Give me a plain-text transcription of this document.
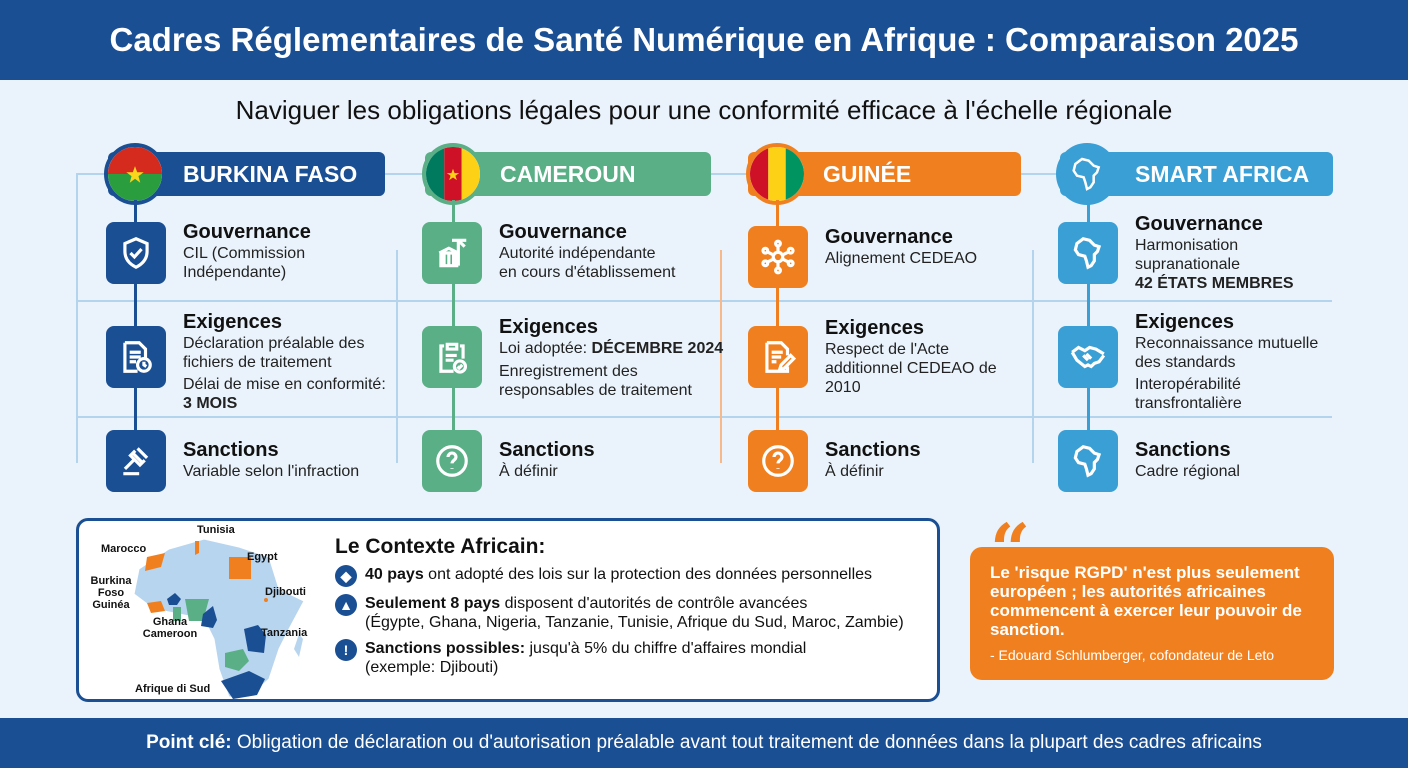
Cadres Réglementaires de Santé Numérique en Afrique : Comparaison 2025
Naviguer les obligations légales pour une conformité efficace à l'échelle régionale
BURKINA FASO
Gouvernance
CIL (Commission
Indépendante)
Exigences
Déclaration préalable des
fichiers de traitement
Délai de mise en conformité:
3 MOIS
Sanctions
Variable selon l'infraction
CAMEROUN
Gouvernance
Autorité indépendante
en cours d'établissement
Exigences
Loi adoptée: DÉCEMBRE 2024
Enregistrement des
responsables de traitement
Sanctions
À définir
GUINÉE
Gouvernance
Alignement CEDEAO
Exigences
Respect de l'Acte
additionnel CEDEAO de
2010
Sanctions
À définir
SMART AFRICA
Gouvernance
Harmonisation
supranationale
42 ÉTATS MEMBRES
Exigences
Reconnaissance mutuelle
des standards
Interopérabilité
transfrontalière
Sanctions
Cadre régional
Marocco
Tunisia
Egypt
Burkina
Foso
Guinéa
Djibouti
Ghana
Cameroon	Tanzania
Afrique di Sud
Le Contexte Africain:
◆ 40 pays ont adopté des lois sur la protection des données personnelles
▲ Seulement 8 pays disposent d'autorités de contrôle avancées
(Égypte, Ghana, Nigeria, Tanzanie, Tunisie, Afrique du Sud, Maroc, Zambie)
!	Sanctions possibles: jusqu'à 5% du chiffre d'affaires mondial
(exemple: Djibouti)
Le 'risque RGPD' n'est plus seulement européen ; les autorités africaines commencent à exercer leur pouvoir de sanction.
- Edouard Schlumberger, cofondateur de Leto
“
Point clé:
Obligation de déclaration ou d'autorisation préalable avant tout traitement de données dans la plupart des cadres africains
